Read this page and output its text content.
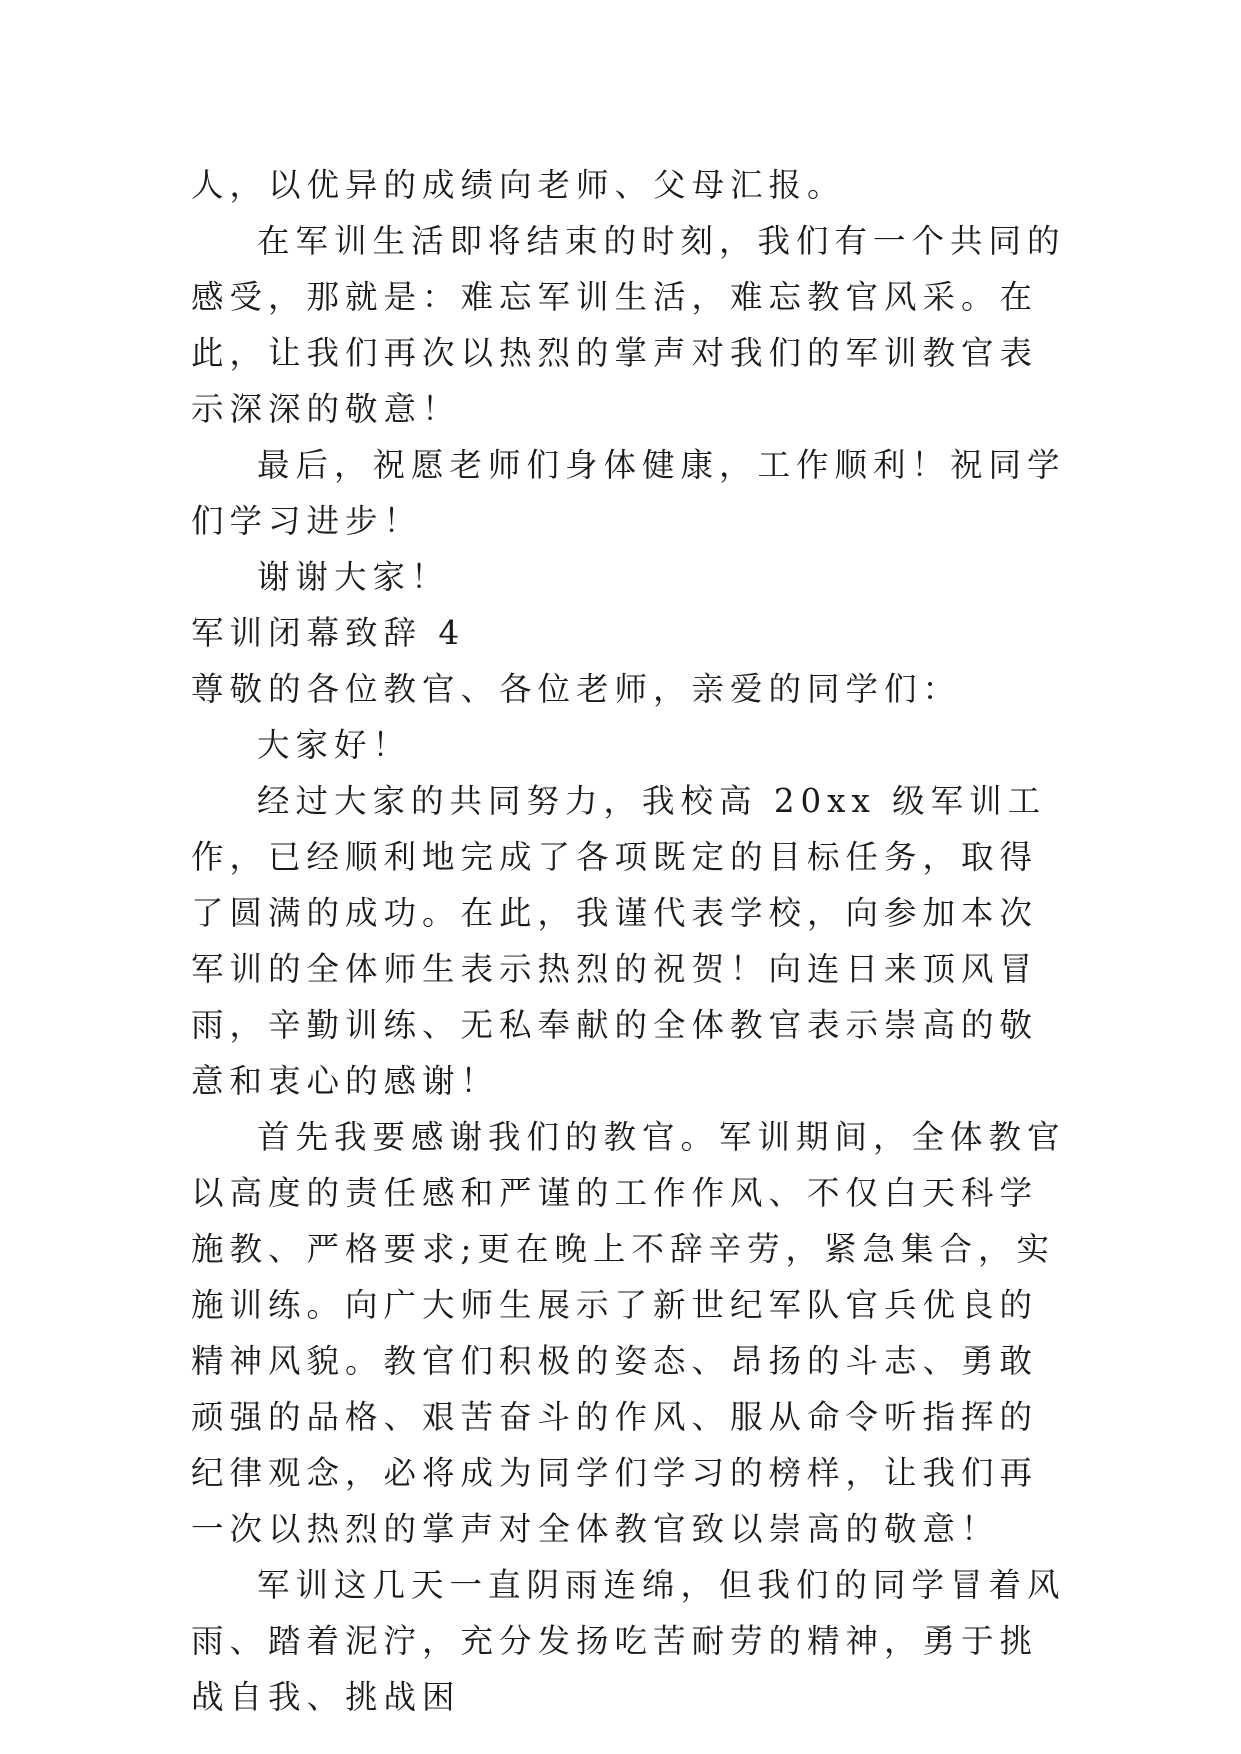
人，以优异的成绩向老师、父母汇报。

在军训生活即将结束的时刻，我们有一个共同的感受，那就是：难忘军训生活，难忘教官风采。在此，让我们再次以热烈的掌声对我们的军训教官表示深深的敬意！

最后，祝愿老师们身体健康，工作顺利！祝同学们学习进步！

谢谢大家！

军训闭幕致辞 4

尊敬的各位教官、各位老师，亲爱的同学们：

大家好！

经过大家的共同努力，我校高 20xx 级军训工作，已经顺利地完成了各项既定的目标任务，取得了圆满的成功。在此，我谨代表学校，向参加本次军训的全体师生表示热烈的祝贺！向连日来顶风冒雨，辛勤训练、无私奉献的全体教官表示崇高的敬意和衷心的感谢！

首先我要感谢我们的教官。军训期间，全体教官以高度的责任感和严谨的工作作风、不仅白天科学施教、严格要求;更在晚上不辞辛劳，紧急集合，实施训练。向广大师生展示了新世纪军队官兵优良的精神风貌。教官们积极的姿态、昂扬的斗志、勇敢顽强的品格、艰苦奋斗的作风、服从命令听指挥的纪律观念，必将成为同学们学习的榜样，让我们再一次以热烈的掌声对全体教官致以崇高的敬意！

军训这几天一直阴雨连绵，但我们的同学冒着风雨、踏着泥泞，充分发扬吃苦耐劳的精神，勇于挑战自我、挑战困
